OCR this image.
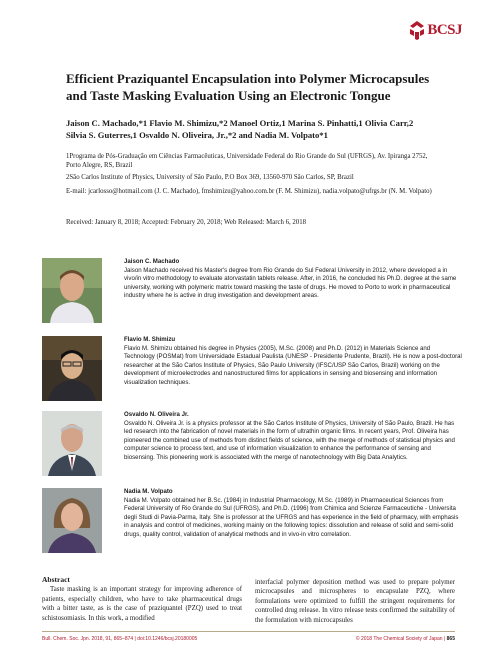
BCSJ
Efficient Praziquantel Encapsulation into Polymer Microcapsules and Taste Masking Evaluation Using an Electronic Tongue
Jaison C. Machado,*1 Flavio M. Shimizu,*2 Manoel Ortiz,1 Marina S. Pinhatti,1 Olivia Carr,2
Silvia S. Guterres,1 Osvaldo N. Oliveira, Jr.,*2 and Nadia M. Volpato*1
1Programa de Pós-Graduação em Ciências Farmacêuticas, Universidade Federal do Rio Grande do Sul (UFRGS), Av. Ipiranga 2752, Porto Alegre, RS, Brazil
2São Carlos Institute of Physics, University of São Paulo, P.O Box 369, 13560-970 São Carlos, SP, Brazil
E-mail: jcarlosso@hotmail.com (J. C. Machado), fmshimizu@yahoo.com.br (F. M. Shimizu), nadia.volpato@ufrgs.br (N. M. Volpato)
Received: January 8, 2018; Accepted: February 20, 2018; Web Released: March 6, 2018
Jaison C. Machado
Jaison Machado received his Master's degree from Rio Grande do Sul Federal University in 2012, where developed a in vivo/in vitro methodology to evaluate atorvastatin tablets release. After, in 2016, he concluded his Ph.D. degree at the same university, working with polymeric matrix toward masking the taste of drugs. He moved to Porto to work in pharmaceutical industry where he is active in drug investigation and development areas.
Flavio M. Shimizu
Flavio M. Shimizu obtained his degree in Physics (2005), M.Sc. (2008) and Ph.D. (2012) in Materials Science and Technology (POSMat) from Universidade Estadual Paulista (UNESP - Presidente Prudente, Brazil). He is now a post-doctoral researcher at the São Carlos Institute of Physics, São Paulo University (IFSC/USP São Carlos, Brazil) working on the development of microelectrodes and nanostructured films for applications in sensing and biosensing and information visualization techniques.
Osvaldo N. Oliveira Jr.
Osvaldo N. Oliveira Jr. is a physics professor at the São Carlos Institute of Physics, University of São Paulo, Brazil. He has led research into the fabrication of novel materials in the form of ultrathin organic films. In recent years, Prof. Oliveira has pioneered the combined use of methods from distinct fields of science, with the merge of methods of statistical physics and computer science to process text, and use of information visualization to enhance the performance of sensing and biosensing. This pioneering work is associated with the merge of nanotechnology with Big Data Analytics.
Nadia M. Volpato
Nadia M. Volpato obtained her B.Sc. (1984) in Industrial Pharmacology, M.Sc. (1989) in Pharmaceutical Sciences from Federal University of Rio Grande do Sul (UFRGS), and Ph.D. (1996) from Chimica and Scienze Farmaceutiche - Universita degli Studi di Pavia-Parma, Italy. She is professor at the UFRGS and has experience in the field of pharmacy, with emphasis in analysis and control of medicines, working mainly on the following topics: dissolution and release of solid and semi-solid drugs, quality control, validation of analytical methods and in vivo-in vitro correlation.
Abstract
Taste masking is an important strategy for improving adherence of patients, especially children, who have to take pharmaceutical drugs with a bitter taste, as is the case of praziquantel (PZQ) used to treat schistosomiasis. In this work, a modified
interfacial polymer deposition method was used to prepare polymer microcapsules and microspheres to encapsulate PZQ, where formulations were optimized to fulfill the stringent requirements for controlled drug release. In vitro release tests confirmed the suitability of the formulation with microcapsules
Bull. Chem. Soc. Jpn. 2018, 91, 865–874 | doi:10.1246/bcsj.20180005	© 2018 The Chemical Society of Japan | 865
